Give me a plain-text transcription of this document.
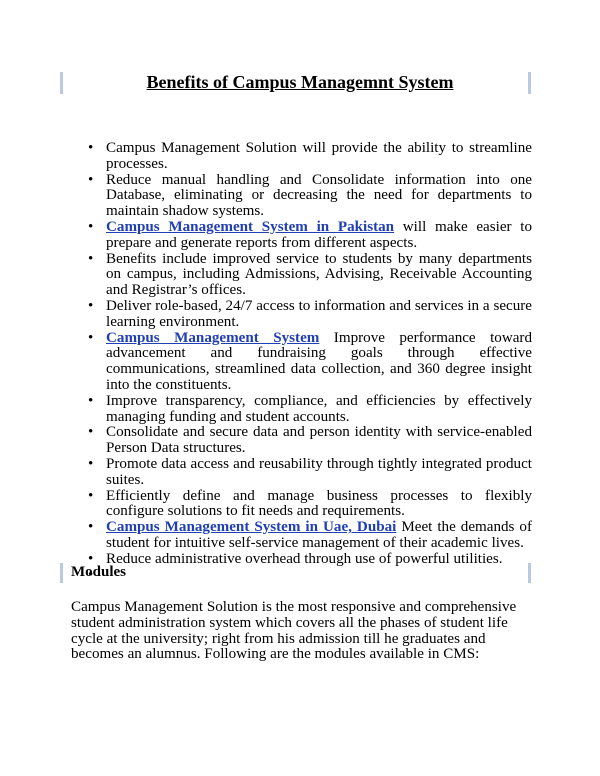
Benefits of Campus Managemnt System
• Campus Management Solution will provide the ability to streamline processes.
• Reduce manual handling and Consolidate information into one Database, eliminating or decreasing the need for departments to maintain shadow systems.
• Campus Management System in Pakistan will make easier to prepare and generate reports from different aspects.
• Benefits include improved service to students by many departments on campus, including Admissions, Advising, Receivable Accounting and Registrar’s offices.
• Deliver role-based, 24/7 access to information and services in a secure learning environment.
• Campus Management System Improve performance toward advancement and fundraising goals through effective communications, streamlined data collection, and 360 degree insight into the constituents.
• Improve transparency, compliance, and efficiencies by effectively managing funding and student accounts.
• Consolidate and secure data and person identity with service-enabled Person Data structures.
• Promote data access and reusability through tightly integrated product suites.
• Efficiently define and manage business processes to flexibly configure solutions to fit needs and requirements.
• Campus Management System in Uae, Dubai Meet the demands of student for intuitive self-service management of their academic lives.
• Reduce administrative overhead through use of powerful utilities.
•
Modules

Campus Management Solution is the most responsive and comprehensive student administration system which covers all the phases of student life cycle at the university; right from his admission till he graduates and becomes an alumnus. Following are the modules available in CMS:
